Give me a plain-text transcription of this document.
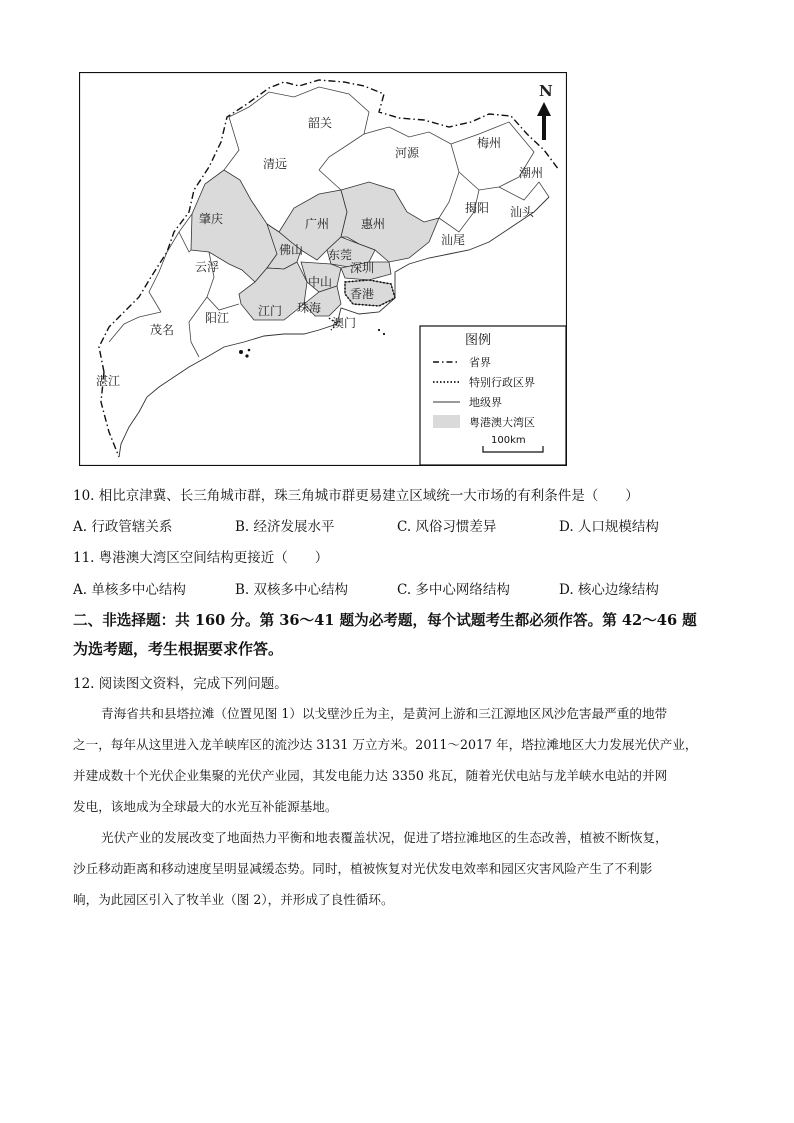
N
韶关
清远
河源
梅州
潮州
肇庆	广州	惠州
揭阳 汕头
佛山 东莞
汕尾
云浮	深圳
中山
香港
江门 珠海
澳门
阳江
茂名
湛江
图例
省界
特别行政区界
地级界
粤港澳大湾区
100km
10. 相比京津冀、长三角城市群，珠三角城市群更易建立区域统一大市场的有利条件是（　　）
A. 行政管辖关系	B. 经济发展水平	C. 风俗习惯差异	D. 人口规模结构
11. 粤港澳大湾区空间结构更接近（　　）
A. 单核多中心结构	B. 双核多中心结构	C. 多中心网络结构	D. 核心边缘结构
二、非选择题：共 160 分。第 36～41 题为必考题，每个试题考生都必须作答。第 42～46 题
为选考题，考生根据要求作答。
12. 阅读图文资料，完成下列问题。
青海省共和县塔拉滩（位置见图 1）以戈壁沙丘为主，是黄河上游和三江源地区风沙危害最严重的地带
之一，每年从这里进入龙羊峡库区的流沙达 3131 万立方米。2011～2017 年，塔拉滩地区大力发展光伏产业，
并建成数十个光伏企业集聚的光伏产业园，其发电能力达 3350 兆瓦，随着光伏电站与龙羊峡水电站的并网
发电，该地成为全球最大的水光互补能源基地。
光伏产业的发展改变了地面热力平衡和地表覆盖状况，促进了塔拉滩地区的生态改善，植被不断恢复，
沙丘移动距离和移动速度呈明显减缓态势。同时，植被恢复对光伏发电效率和园区灾害风险产生了不利影
响，为此园区引入了牧羊业（图 2），并形成了良性循环。
